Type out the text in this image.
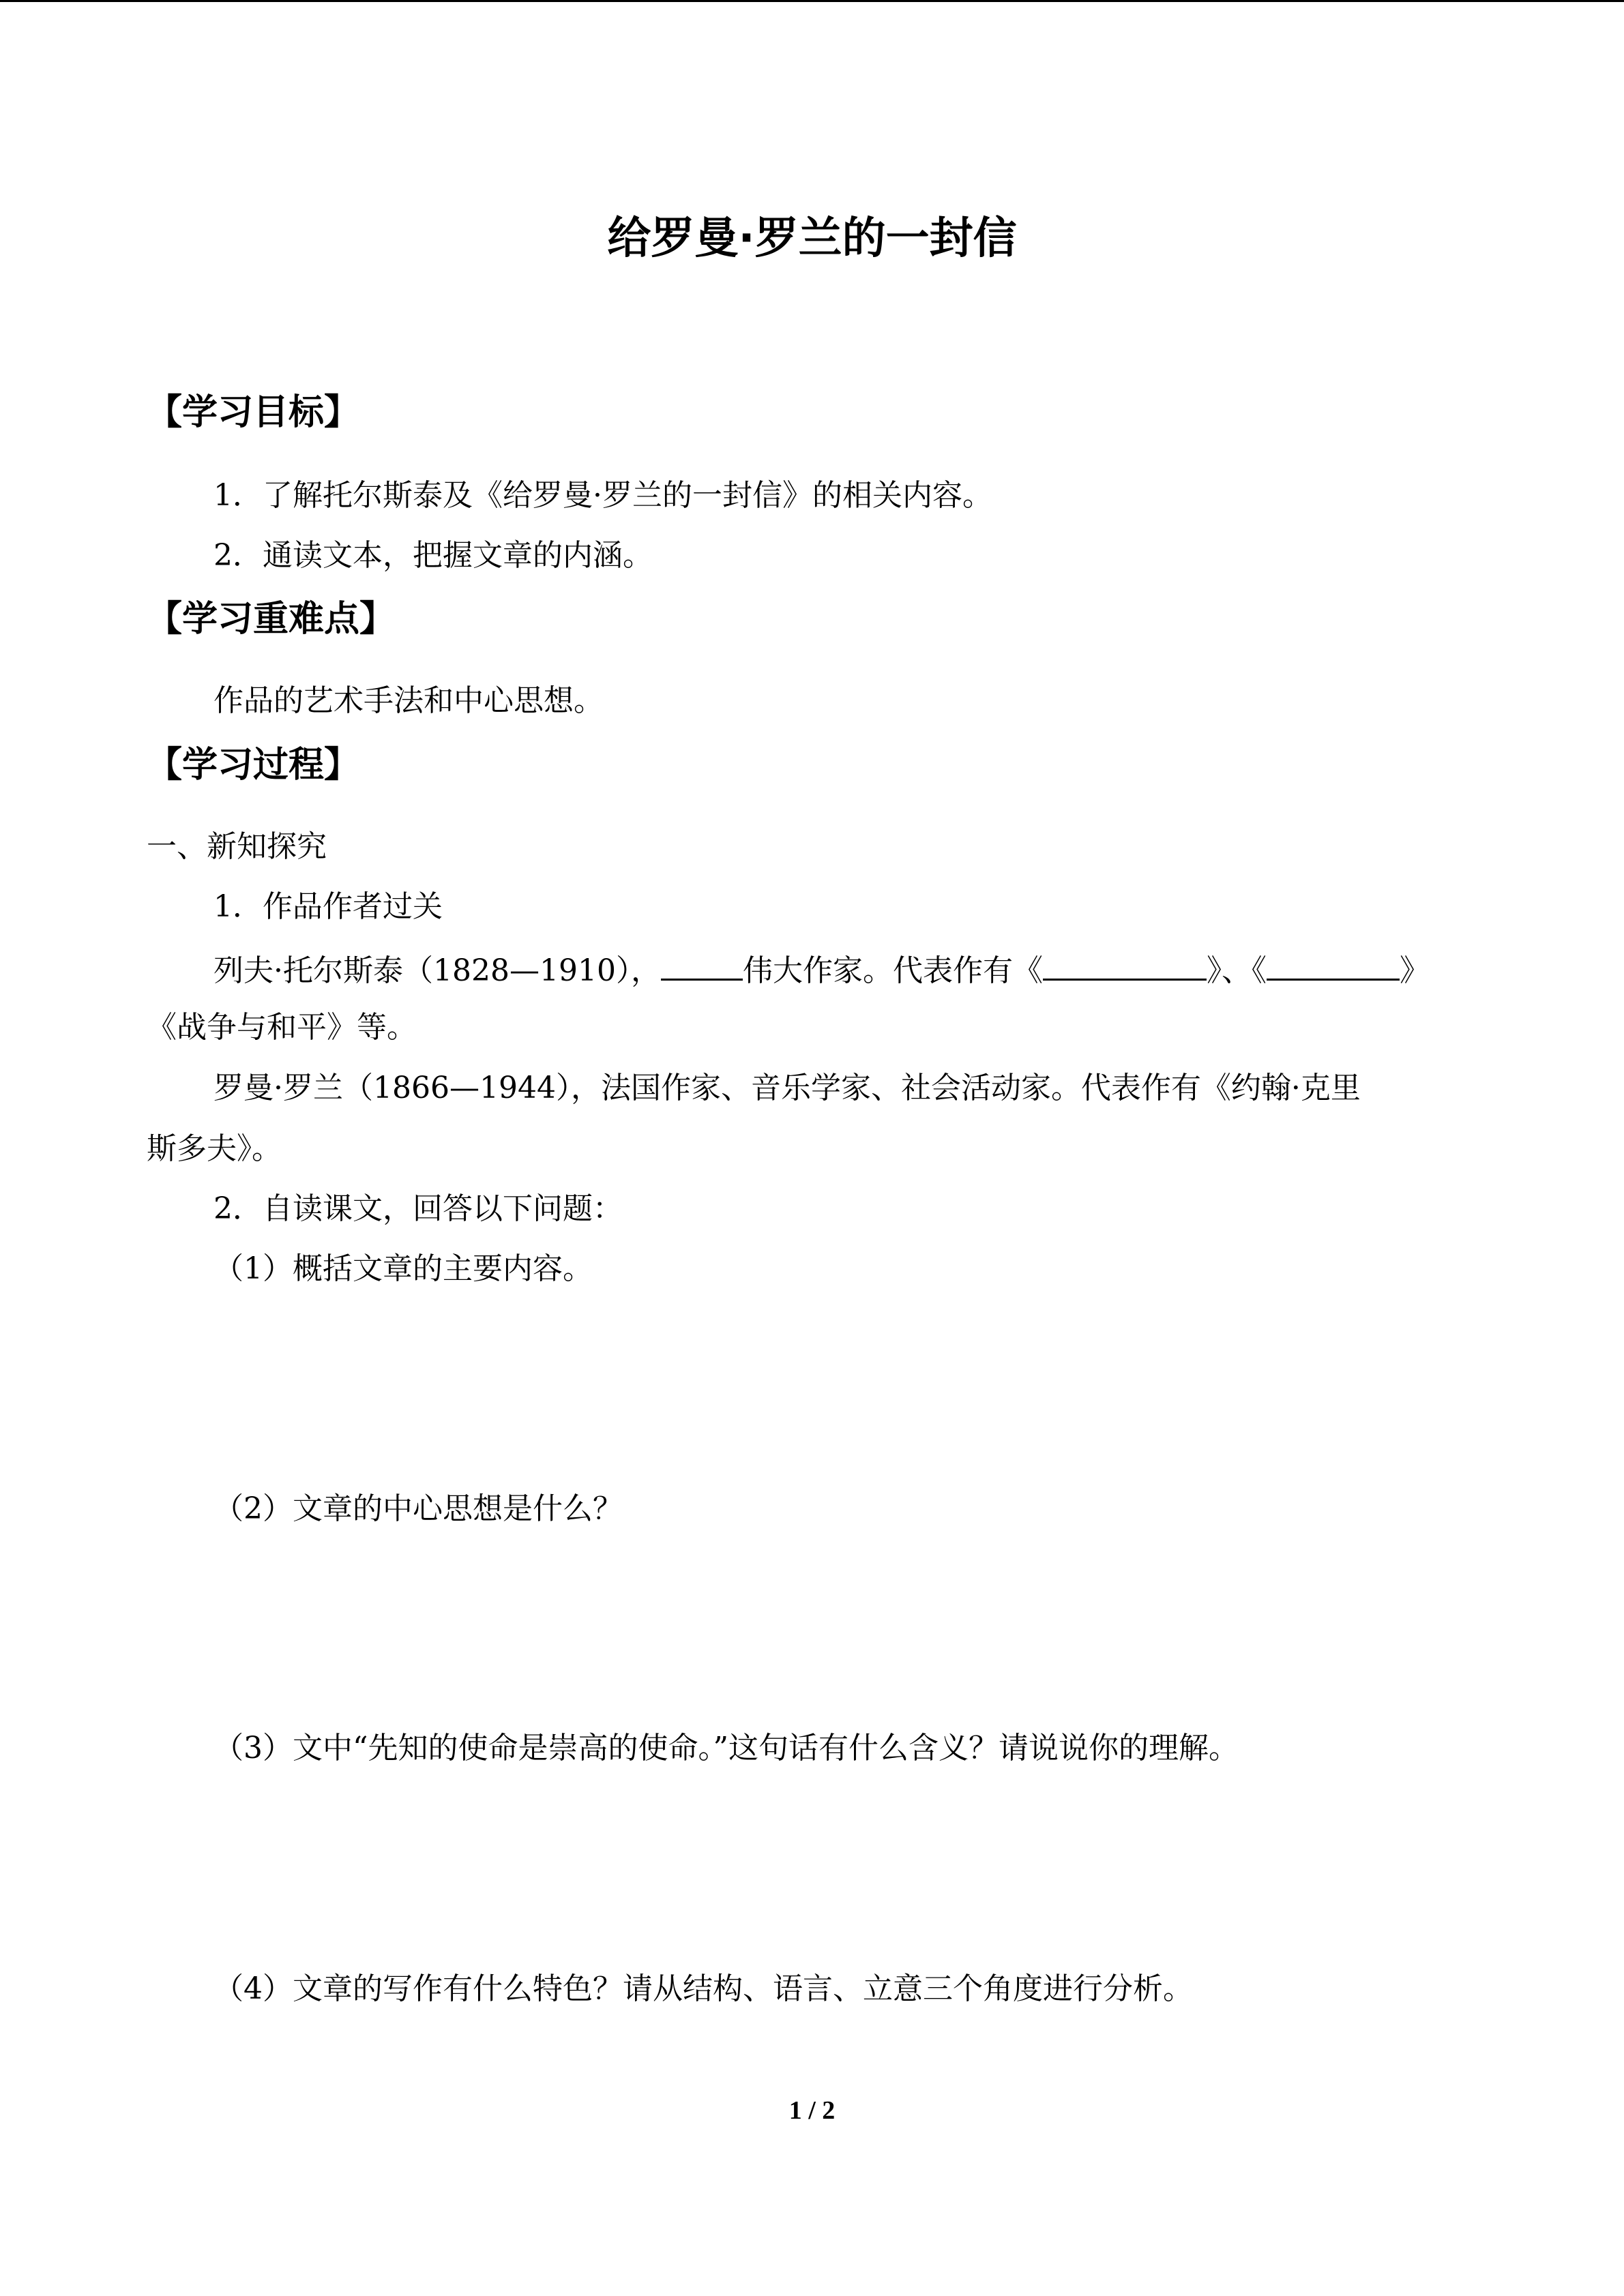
给罗曼·罗兰的一封信
【学习目标】
1．了解托尔斯泰及《给罗曼·罗兰的一封信》的相关内容。
2．通读文本，把握文章的内涵。
【学习重难点】
作品的艺术手法和中心思想。
【学习过程】
一、新知探究
1．作品作者过关
列夫·托尔斯泰（1828—1910），	伟大作家。代表作有《	》、《	》
《战争与和平》等。
罗曼·罗兰（1866—1944），法国作家、音乐学家、社会活动家。代表作有《约翰·克里
斯多夫》。
2．自读课文，回答以下问题：
（1）概括文章的主要内容。
（2）文章的中心思想是什么？
（3）文中“先知的使命是崇高的使命。”这句话有什么含义？请说说你的理解。
（4）文章的写作有什么特色？请从结构、语言、立意三个角度进行分析。
1 / 2
